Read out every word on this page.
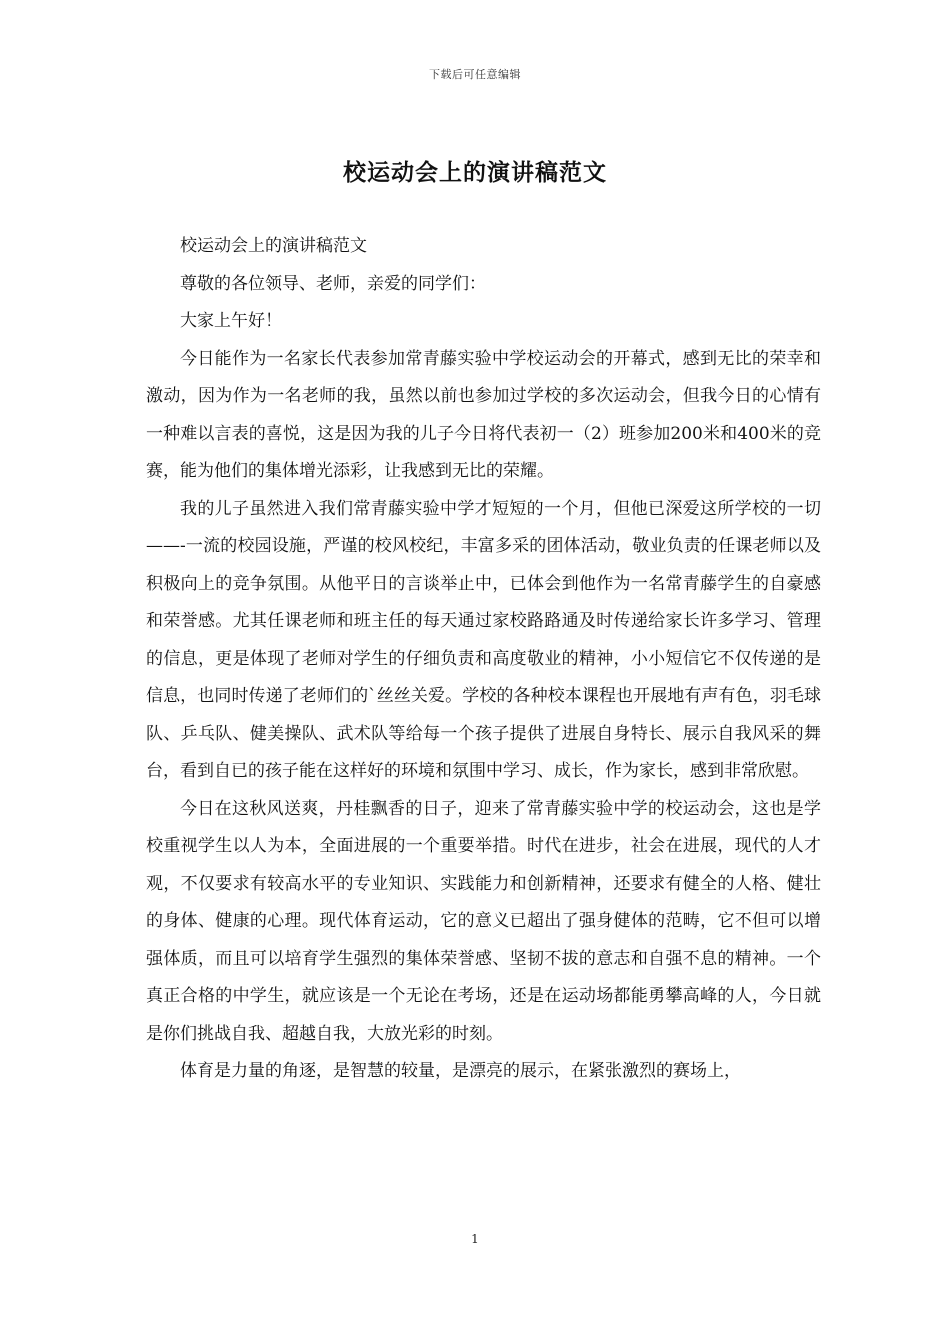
下载后可任意编辑
校运动会上的演讲稿范文

校运动会上的演讲稿范文

尊敬的各位领导、老师，亲爱的同学们：

大家上午好！

今日能作为一名家长代表参加常青藤实验中学校运动会的开幕式，感到无比的荣幸和激动，因为作为一名老师的我，虽然以前也参加过学校的多次运动会，但我今日的心情有一种难以言表的喜悦，这是因为我的儿子今日将代表初一（2）班参加200米和400米的竞赛，能为他们的集体增光添彩，让我感到无比的荣耀。

我的儿子虽然进入我们常青藤实验中学才短短的一个月，但他已深爱这所学校的一切——-一流的校园设施，严谨的校风校纪，丰富多采的团体活动，敬业负责的任课老师以及积极向上的竞争氛围。从他平日的言谈举止中，已体会到他作为一名常青藤学生的自豪感和荣誉感。尤其任课老师和班主任的每天通过家校路路通及时传递给家长许多学习、管理的信息，更是体现了老师对学生的仔细负责和高度敬业的精神，小小短信它不仅传递的是信息，也同时传递了老师们的`丝丝关爱。学校的各种校本课程也开展地有声有色，羽毛球队、乒乓队、健美操队、武术队等给每一个孩子提供了进展自身特长、展示自我风采的舞台，看到自已的孩子能在这样好的环境和氛围中学习、成长，作为家长，感到非常欣慰。

今日在这秋风送爽，丹桂飘香的日子，迎来了常青藤实验中学的校运动会，这也是学校重视学生以人为本，全面进展的一个重要举措。时代在进步，社会在进展，现代的人才观，不仅要求有较高水平的专业知识、实践能力和创新精神，还要求有健全的人格、健壮的身体、健康的心理。现代体育运动，它的意义已超出了强身健体的范畴，它不但可以增强体质，而且可以培育学生强烈的集体荣誉感、坚韧不拔的意志和自强不息的精神。一个真正合格的中学生，就应该是一个无论在考场，还是在运动场都能勇攀高峰的人，今日就是你们挑战自我、超越自我，大放光彩的时刻。

体育是力量的角逐，是智慧的较量，是漂亮的展示，在紧张激烈的赛场上，

1
